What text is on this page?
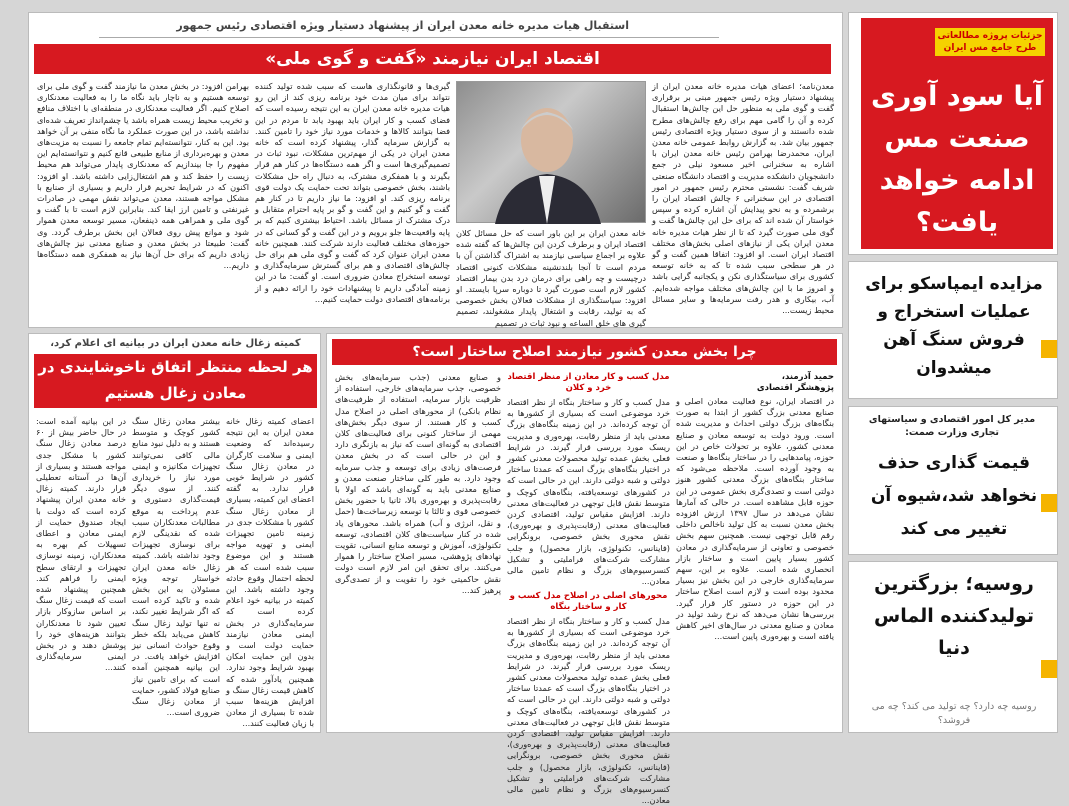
استقبال هیات مدیره خانه معدن ایران از پیشنهاد دستیار ویژه اقتصادی رئیس جمهور
اقتصاد ایران نیازمند «گفت و گوی ملی»
معدن‌نامه؛ اعضای هیات مدیره خانه معدن ایران از پیشنهاد دستیار ویژه رئیس جمهور مبنی بر برقراری گفت و گوی ملی به منظور حل این چالش‌ها استقبال کرده و آن را گامی مهم برای رفع چالش‌های مطرح شده دانستند و از سوی دستیار ویژه اقتصادی رئیس جمهور بیان شد. به گزارش روابط عمومی خانه معدن ایران، محمدرضا بهرامن رئیس خانه معدن ایران با اشاره به سخنرانی اخیر مسعود نیلی در جمع دانشجویان دانشکده مدیریت و اقتصاد دانشگاه صنعتی شریف گفت: نشستی محترم رئیس جمهور در امور اقتصادی در این سخنرانی ۶ چالش اقتصاد ایران را برشمرده و به نحو پیدایش آن اشاره کرده و سپس خواستار آن شده اند که برای حل این چالش‌ها گفت و گوی ملی صورت گیرد که تا از نظر هیات مدیره خانه معدن ایران یکی از نیازهای اصلی بخش‌های مختلف اقتصاد ایران است. او افزود: اتفاقا همین گفت و گو در هر سطحی سبب شده تا که به خانه توسعه کشوری برای سیاستگذاری نکن و یکجانبه گرایی باشد و امروز ما با این چالش‌های مختلف مواجه شده‌ایم. آب، بیکاری و هدر رفت سرمایه‌ها و سایر مسائل محیط زیست...
خانه معدن ایران بر این باور است که حل مسائل کلان اقتصاد ایران و برطرف کردن این چالش‌ها که گفته شده علاوه بر اجماع سیاسی نیازمند به اشتراک گذاشتن آن با مردم است تا آنجا بلندنشینه مشکلات کنونی اقتصاد درچیست و چه راهی برای درمان درد بدن بیمار اقتصاد کشور لازم است صورت گیرد تا دوباره سرپا بایستد. او افزود: سیاستگذاری از مشکلات فعالان بخش خصوصی که به تولید، رقابت و اشتغال پایدار مشغولند، تصمیم گیری های خلق الساعه و نبود ثبات در تصمیم
گیری‌ها و قانونگذاری هاست که سبب شده تولید کننده نتواند برای میان مدت خود برنامه ریزی کند از این رو هیات مدیره خانه معدن ایران به این نتیجه رسیده است که فضای کسب و کار ایران باید بهبود یابد تا مردم در این فضا بتوانند کالاها و خدمات مورد نیاز خود را تامین کنند. به گزارش سرمایه گذار، پیشنهاد کرده است که خانه معدن ایران در یکی از مهم‌ترین مشکلات، نبود ثبات در تصمیم‌گیری‌ها است و اگر همه دستگاه‌ها در کنار هم قرار بگیرند و با همفکری مشترک، به دنبال راه حل مشکلات باشند، بخش خصوصی بتواند تحت حمایت یک دولت قوی برنامه ریزی کند. او افزود: ما نیاز داریم تا در کنار هم گفت و گو کنیم و این گفت و گو بر پایه احترام متقابل و درک مشترک از مسائل باشد. احتیاط بیشتری کنیم که بر پایه واقعیت‌ها جلو برویم و در این گفت و گو کسانی که در حوزه‌های مختلف فعالیت دارند شرکت کنند. همچنین خانه معدن ایران عنوان کرد که گفت و گوی ملی هم برای حل چالش‌های اقتصادی و هم برای گسترش سرمایه‌گذاری و توسعه استخراج معادن ضروری است. او گفت: ما در این زمینه آمادگی داریم تا پیشنهادات خود را ارائه دهیم و از برنامه‌های اقتصادی دولت حمایت کنیم...
بهرامن افزود: در بخش معدن ما نیازمند گفت و گوی ملی برای توسعه هستیم و به ناچار باید نگاه ما را به فعالیت معدنکاری اصلاح کنیم. اگر فعالیت معدنکاری در منطقه‌ای با اختلاف منافع و تخریب محیط زیست همراه باشد یا چشم‌انداز تعریف شده‌ای نداشته باشد، در این صورت عملکرد ما نگاه منفی بر آن خواهد بود. این به کنار، نتوانسته‌ایم تمام جامعه را نسبت به مزیت‌های معدن و بهره‌برداری از منابع طبیعی قانع کنیم و نتوانسته‌ایم این مفهوم را جا بیندازیم که معدنکاری پایدار می‌تواند هم محیط زیست را حفظ کند و هم اشتغال‌زایی داشته باشد. او افزود: اکنون که در شرایط تحریم قرار داریم و بسیاری از صنایع با مشکل مواجه هستند، معدن می‌تواند نقش مهمی در صادرات غیرنفتی و تامین ارز ایفا کند. بنابراین لازم است تا با گفت و گوی ملی و همراهی همه ذینفعان، مسیر توسعه معدن هموار شود و موانع پیش روی فعالان این بخش برطرف گردد. وی گفت: طبیعتا در بخش معدن و صنایع معدنی نیز چالش‌های زیادی داریم که برای حل آن‌ها نیاز به همفکری همه دستگاه‌ها داریم...
چرا بخش معدن کشور نیازمند اصلاح ساختار است؟
حمید آذرمند،
پژوهشگر اقتصادی
در اقتصاد ایران، نوع فعالیت معادن اصلی و صنایع معدنی بزرگ کشور از ابتدا به صورت بنگاه‌های بزرگ دولتی احداث و مدیریت شده است. ورود دولت به توسعه معادن و صنایع معدنی کشور، علاوه بر تحولات خاص در این حوزه، پیامدهایی را در ساختار بنگاه‌ها و صنعت به وجود آورده است. ملاحظه می‌شود که ساختار بنگاه‌های بزرگ معدنی کشور هنوز دولتی است و تصدی‌گری بخش عمومی در این حوزه قابل مشاهده است. در حالی که آمارها نشان می‌دهد در سال ۱۳۹۷ ارزش افزوده بخش معدن نسبت به کل تولید ناخالص داخلی رقم قابل توجهی نیست. همچنین سهم بخش خصوصی و تعاونی از سرمایه‌گذاری در معادن کشور بسیار پایین است و ساختار بازار انحصاری شده است. علاوه بر این، سهم سرمایه‌گذاری خارجی در این بخش نیز بسیار محدود بوده است و لازم است اصلاح ساختار در این حوزه در دستور کار قرار گیرد. بررسی‌ها نشان می‌دهد که نرخ رشد تولید در معادن و صنایع معدنی در سال‌های اخیر کاهش یافته است و بهره‌وری پایین است...
مدل کسب و کار معادن از منظر اقتصاد خرد و کلان
مدل کسب و کار و ساختار بنگاه از نظر اقتصاد خرد موضوعی است که بسیاری از کشورها به آن توجه کرده‌اند. در این زمینه بنگاه‌های بزرگ معدنی باید از منظر رقابت، بهره‌وری و مدیریت ریسک مورد بررسی قرار گیرند. در شرایط فعلی بخش عمده تولید محصولات معدنی کشور در اختیار بنگاه‌های بزرگ است که عمدتا ساختار دولتی و شبه دولتی دارند. این در حالی است که در کشورهای توسعه‌یافته، بنگاه‌های کوچک و متوسط نقش قابل توجهی در فعالیت‌های معدنی دارند. افزایش مقیاس تولید، اقتصادی کردن فعالیت‌های معدنی (رقابت‌پذیری و بهره‌وری)، نقش محوری بخش خصوصی، برونگرایی (فاینانس، تکنولوژی، بازار محصول) و جلب مشارکت شرکت‌های فراملیتی و تشکیل کنسرسیوم‌های بزرگ و نظام تامین مالی معادن...
محورهای اصلی در اصلاح مدل کسب و کار و ساختار بنگاه
مدل کسب و کار و ساختار بنگاه از نظر اقتصاد خرد موضوعی است که بسیاری از کشورها به آن توجه کرده‌اند. در این زمینه بنگاه‌های بزرگ معدنی باید از منظر رقابت، بهره‌وری و مدیریت ریسک مورد بررسی قرار گیرند. در شرایط فعلی بخش عمده تولید محصولات معدنی کشور در اختیار بنگاه‌های بزرگ است که عمدتا ساختار دولتی و شبه دولتی دارند. این در حالی است که در کشورهای توسعه‌یافته، بنگاه‌های کوچک و متوسط نقش قابل توجهی در فعالیت‌های معدنی دارند. افزایش مقیاس تولید، اقتصادی کردن فعالیت‌های معدنی (رقابت‌پذیری و بهره‌وری)، نقش محوری بخش خصوصی، برونگرایی (فاینانس، تکنولوژی، بازار محصول) و جلب مشارکت شرکت‌های فراملیتی و تشکیل کنسرسیوم‌های بزرگ و نظام تامین مالی معادن...
و صنایع معدنی (جذب سرمایه‌های بخش خصوصی، جذب سرمایه‌های خارجی، استفاده از ظرفیت بازار سرمایه، استفاده از ظرفیت‌های نظام بانکی) از محورهای اصلی در اصلاح مدل کسب و کار هستند. از سوی دیگر بخش‌های مهمی از ساختار کنونی برای فعالیت‌های کلان اقتصادی به گونه‌ای است که نیاز به بازنگری دارد و این در حالی است که در بخش معدن فرصت‌های زیادی برای توسعه و جذب سرمایه وجود دارد. به طور کلی ساختار صنعت معدن و صنایع معدنی باید به گونه‌ای باشد که اولا با رقابت‌پذیری و بهره‌وری بالا، ثانیا با حضور بخش خصوصی قوی و ثالثا با توسعه زیرساخت‌ها (حمل و نقل، انرژی و آب) همراه باشد. محورهای یاد شده در کنار سیاست‌های کلان اقتصادی، توسعه تکنولوژی، آموزش و توسعه منابع انسانی، تقویت نهادهای پژوهشی، مسیر اصلاح ساختار را هموار می‌کنند. برای تحقق این امر لازم است دولت نقش حاکمیتی خود را تقویت و از تصدی‌گری پرهیز کند...
کمیته زغال خانه معدن ایران در بیانیه ای اعلام کرد،
هر لحظه منتظر اتفاق ناخوشایندی در
معادن زغال هستیم
اعضای کمیته زغال خانه معدن ایران به این نتیجه رسیده‌اند که وضعیت ایمنی و سلامت کارگران در معادن زغال سنگ کشور در شرایط خوبی قرار ندارد. به گفته اعضای این کمیته، بسیاری از معادن زغال سنگ کشور با مشکلات جدی در زمینه تامین تجهیزات ایمنی و تهویه مواجه هستند و این موضوع سبب شده است که هر لحظه احتمال وقوع حادثه وجود داشته باشد. این کمیته در بیانیه خود اعلام کرده است که سرمایه‌گذاری در بخش ایمنی معادن نیازمند حمایت دولت است و بدون این حمایت امکان بهبود شرایط وجود ندارد. همچنین یادآور شده که کاهش قیمت زغال سنگ و افزایش هزینه‌ها سبب شده تا بسیاری از معادن با زیان فعالیت کنند...
بیشتر معادن زغال سنگ کشور کوچک و متوسط هستند و به دلیل نبود منابع مالی کافی نمی‌توانند تجهیزات مکانیزه و ایمنی مورد نیاز را خریداری کنند. از سوی دیگر قیمت‌گذاری دستوری و عدم پرداخت به موقع مطالبات معدنکاران سبب شده که نقدینگی لازم برای نوسازی تجهیزات وجود نداشته باشد. کمیته زغال خانه معدن ایران خواستار توجه ویژه مسئولان به این بخش شده و تاکید کرده است که اگر شرایط تغییر نکند، نه تنها تولید زغال سنگ کاهش می‌یابد بلکه خطر وقوع حوادث انسانی نیز افزایش خواهد یافت. در این بیانیه همچنین آمده است که برای تامین نیاز صنایع فولاد کشور، حمایت از معادن زغال سنگ ضروری است...
در این بیانیه آمده است: در حال حاضر بیش از ۶۰ درصد معادن زغال سنگ کشور با مشکل جدی مواجه هستند و بسیاری از آن‌ها در آستانه تعطیلی قرار دارند. کمیته زغال خانه معدن ایران پیشنهاد کرده است که دولت با ایجاد صندوق حمایت از ایمنی معادن و اعطای تسهیلات کم بهره به معدنکاران، زمینه نوسازی تجهیزات و ارتقای سطح ایمنی را فراهم کند. همچنین پیشنهاد شده است که قیمت زغال سنگ بر اساس سازوکار بازار تعیین شود تا معدنکاران بتوانند هزینه‌های خود را پوشش دهند و در بخش ایمنی سرمایه‌گذاری کنند...
جزئیات پروژه مطالعاتی طرح جامع مس ایران
آیا سود آوری صنعت مس ادامه خواهد یافت؟
مزایده ایمپاسکو برای عملیات استخراج و فروش سنگ آهن میشدوان
مدیر کل امور اقتصادی و سیاستهای تجاری وزارت صمت:
قیمت گذاری حذف نخواهد شد،شیوه آن تغییر می کند
روسیه؛ بزرگترین تولیدکننده الماس دنیا
روسیه چه دارد؟ چه تولید می کند؟ چه می فروشد؟
